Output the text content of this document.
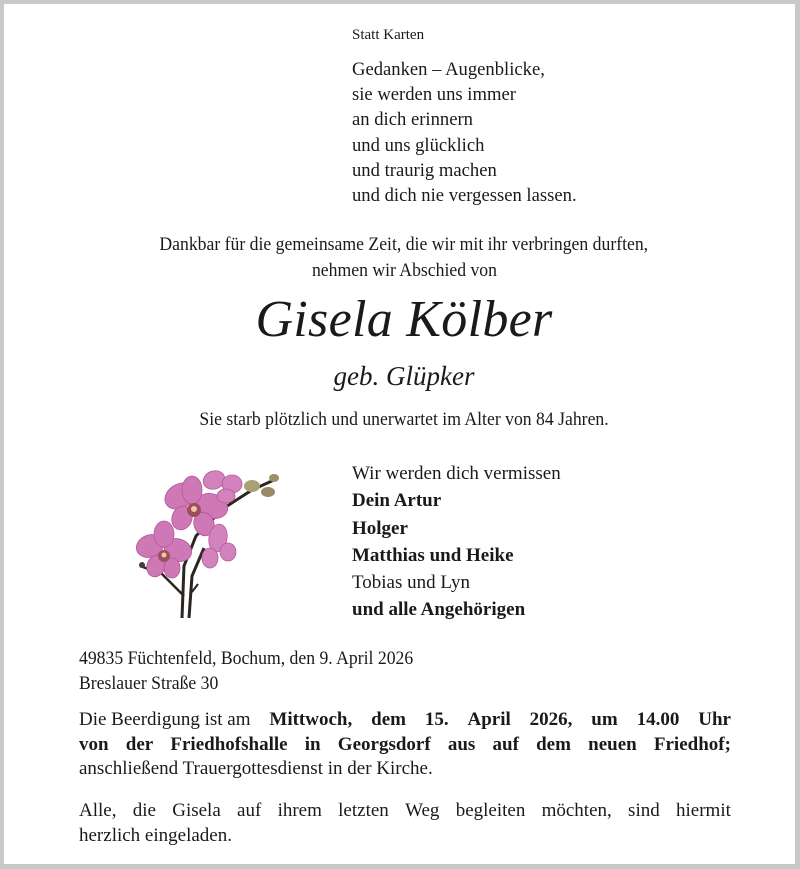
Statt Karten
Gedanken – Augenblicke,
sie werden uns immer
an dich erinnern
und uns glücklich
und traurig machen
und dich nie vergessen lassen.
Dankbar für die gemeinsame Zeit, die wir mit ihr verbringen durften,
nehmen wir Abschied von
Gisela Kölber
geb. Glüpker
Sie starb plötzlich und unerwartet im Alter von 84 Jahren.
Wir werden dich vermissen
Dein Artur
Holger
Matthias und Heike
Tobias und Lyn
und alle Angehörigen
49835 Füchtenfeld, Bochum, den 9. April 2026
Breslauer Straße 30
Die Beerdigung ist am Mittwoch, dem 15. April 2026, um 14.00 Uhr
von der Friedhofshalle in Georgsdorf aus auf dem neuen Friedhof;
anschließend Trauergottesdienst in der Kirche.
Alle, die Gisela auf ihrem letzten Weg begleiten möchten, sind hiermit
herzlich eingeladen.
